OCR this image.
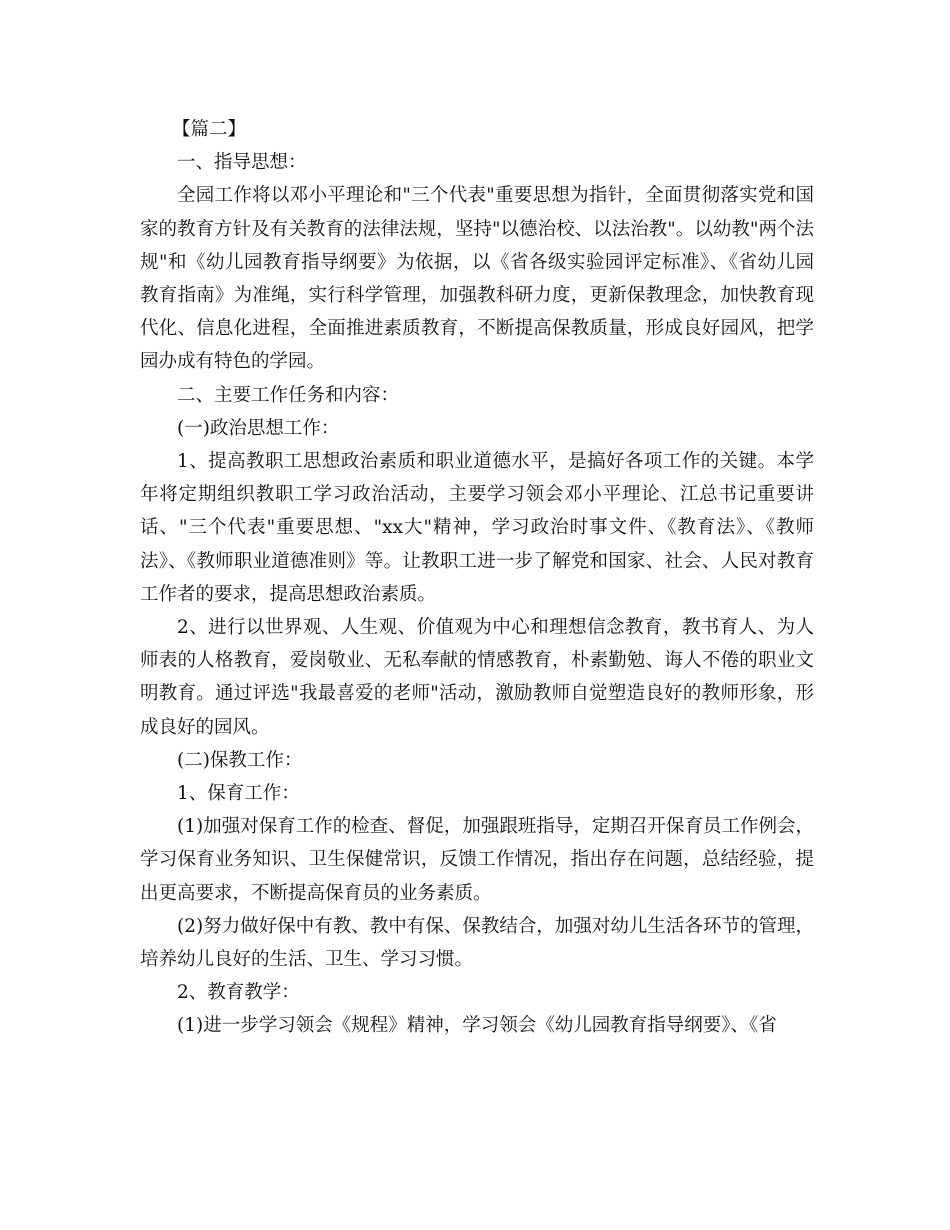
【篇二】

一、指导思想：

全园工作将以邓小平理论和"三个代表"重要思想为指针，全面贯彻落实党和国家的教育方针及有关教育的法律法规，坚持"以德治校、以法治教"。以幼教"两个法规"和《幼儿园教育指导纲要》为依据，以《省各级实验园评定标准》、《省幼儿园教育指南》为准绳，实行科学管理，加强教科研力度，更新保教理念，加快教育现代化、信息化进程，全面推进素质教育，不断提高保教质量，形成良好园风，把学园办成有特色的学园。

二、主要工作任务和内容：

(一)政治思想工作：

1、提高教职工思想政治素质和职业道德水平，是搞好各项工作的关键。本学年将定期组织教职工学习政治活动，主要学习领会邓小平理论、江总书记重要讲话、"三个代表"重要思想、"xx大"精神，学习政治时事文件、《教育法》、《教师法》、《教师职业道德准则》等。让教职工进一步了解党和国家、社会、人民对教育工作者的要求，提高思想政治素质。

2、进行以世界观、人生观、价值观为中心和理想信念教育，教书育人、为人师表的人格教育，爱岗敬业、无私奉献的情感教育，朴素勤勉、诲人不倦的职业文明教育。通过评选"我最喜爱的老师"活动，激励教师自觉塑造良好的教师形象，形成良好的园风。

(二)保教工作：

1、保育工作：

(1)加强对保育工作的检查、督促，加强跟班指导，定期召开保育员工作例会，学习保育业务知识、卫生保健常识，反馈工作情况，指出存在问题，总结经验，提出更高要求，不断提高保育员的业务素质。

(2)努力做好保中有教、教中有保、保教结合，加强对幼儿生活各环节的管理，培养幼儿良好的生活、卫生、学习习惯。

2、教育教学：

(1)进一步学习领会《规程》精神，学习领会《幼儿园教育指导纲要》、《省
